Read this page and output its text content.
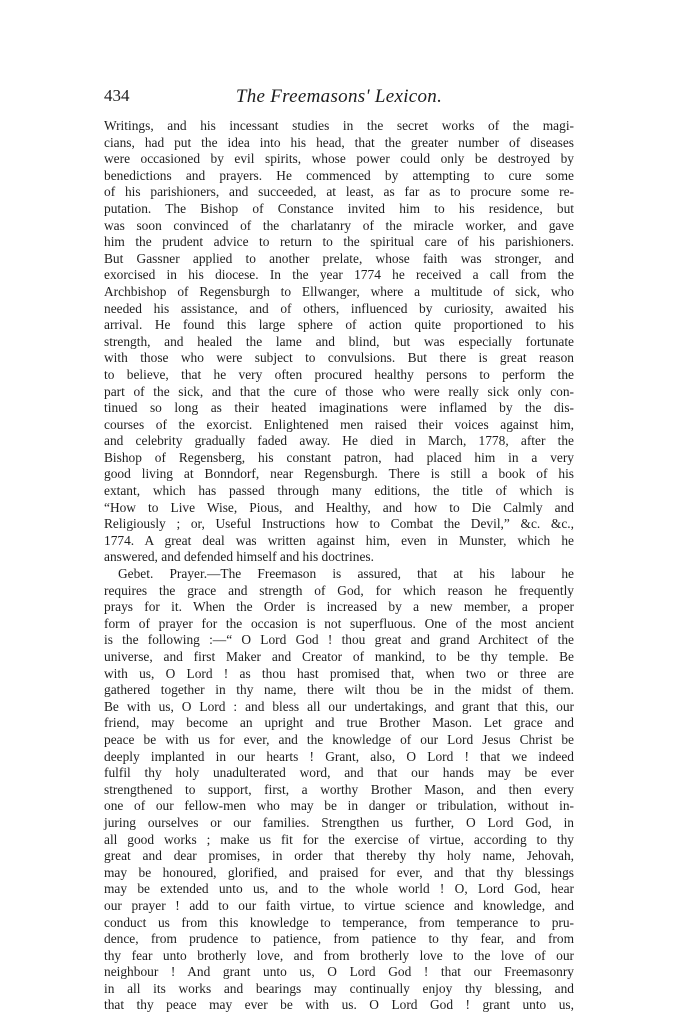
434	The Freemasons' Lexicon.
Writings, and his incessant studies in the secret works of the magi-
cians, had put the idea into his head, that the greater number of diseases
were occasioned by evil spirits, whose power could only be destroyed by
benedictions and prayers. He commenced by attempting to cure some
of his parishioners, and succeeded, at least, as far as to procure some re-
putation. The Bishop of Constance invited him to his residence, but
was soon convinced of the charlatanry of the miracle worker, and gave
him the prudent advice to return to the spiritual care of his parishioners.
But Gassner applied to another prelate, whose faith was stronger, and
exorcised in his diocese. In the year 1774 he received a call from the
Archbishop of Regensburgh to Ellwanger, where a multitude of sick, who
needed his assistance, and of others, influenced by curiosity, awaited his
arrival. He found this large sphere of action quite proportioned to his
strength, and healed the lame and blind, but was especially fortunate
with those who were subject to convulsions. But there is great reason
to believe, that he very often procured healthy persons to perform the
part of the sick, and that the cure of those who were really sick only con-
tinued so long as their heated imaginations were inflamed by the dis-
courses of the exorcist. Enlightened men raised their voices against him,
and celebrity gradually faded away. He died in March, 1778, after the
Bishop of Regensberg, his constant patron, had placed him in a very
good living at Bonndorf, near Regensburgh. There is still a book of his
extant, which has passed through many editions, the title of which is
“How to Live Wise, Pious, and Healthy, and how to Die Calmly and
Religiously ; or, Useful Instructions how to Combat the Devil,” &c. &c.,
1774. A great deal was written against him, even in Munster, which he
answered, and defended himself and his doctrines.
Gebet. Prayer.—The Freemason is assured, that at his labour he
requires the grace and strength of God, for which reason he frequently
prays for it. When the Order is increased by a new member, a proper
form of prayer for the occasion is not superfluous. One of the most ancient
is the following :—“ O Lord God ! thou great and grand Architect of the
universe, and first Maker and Creator of mankind, to be thy temple. Be
with us, O Lord ! as thou hast promised that, when two or three are
gathered together in thy name, there wilt thou be in the midst of them.
Be with us, O Lord : and bless all our undertakings, and grant that this, our
friend, may become an upright and true Brother Mason. Let grace and
peace be with us for ever, and the knowledge of our Lord Jesus Christ be
deeply implanted in our hearts ! Grant, also, O Lord ! that we indeed
fulfil thy holy unadulterated word, and that our hands may be ever
strengthened to support, first, a worthy Brother Mason, and then every
one of our fellow-men who may be in danger or tribulation, without in-
juring ourselves or our families. Strengthen us further, O Lord God, in
all good works ; make us fit for the exercise of virtue, according to thy
great and dear promises, in order that thereby thy holy name, Jehovah,
may be honoured, glorified, and praised for ever, and that thy blessings
may be extended unto us, and to the whole world ! O, Lord God, hear
our prayer ! add to our faith virtue, to virtue science and knowledge, and
conduct us from this knowledge to temperance, from temperance to pru-
dence, from prudence to patience, from patience to thy fear, and from
thy fear unto brotherly love, and from brotherly love to the love of our
neighbour ! And grant unto us, O Lord God ! that our Freemasonry
in all its works and bearings may continually enjoy thy blessing, and
that thy peace may ever be with us. O Lord God ! grant unto us,
